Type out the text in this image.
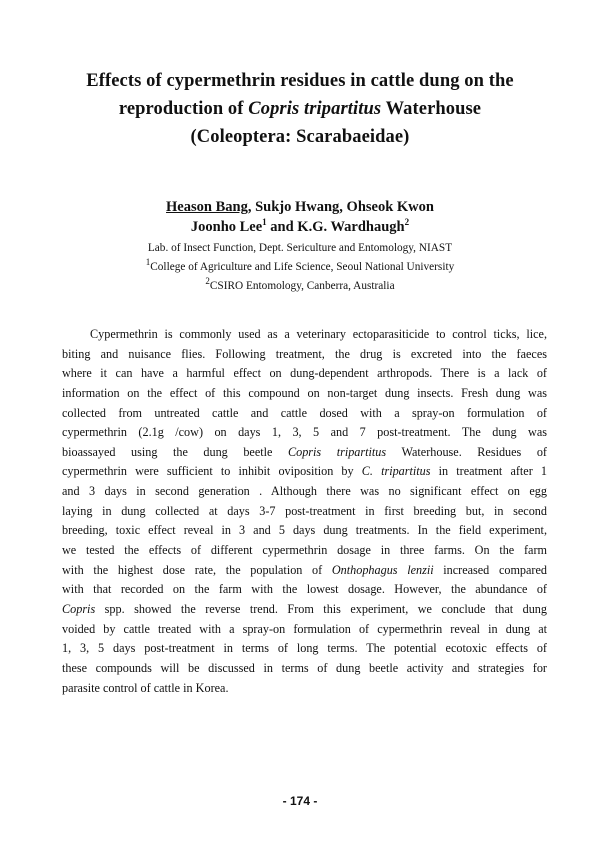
Effects of cypermethrin residues in cattle dung on the
reproduction of Copris tripartitus Waterhouse
(Coleoptera: Scarabaeidae)
Heason Bang, Sukjo Hwang, Ohseok Kwon
Joonho Lee$^1$ and K.G. Wardhaugh$^2$
Lab. of Insect Function, Dept. Sericulture and Entomology, NIAST
$^1$College of Agriculture and Life Science, Seoul National University
$^2$CSIRO Entomology, Canberra, Australia
Cypermethrin is commonly used as a veterinary ectoparasiticide to control ticks, lice,
biting and nuisance flies. Following treatment, the drug is excreted into the faeces
where it can have a harmful effect on dung-dependent arthropods. There is a lack of
information on the effect of this compound on non-target dung insects. Fresh dung was
collected from untreated cattle and cattle dosed with a spray-on formulation of
cypermethrin (2.1g /cow) on days 1, 3, 5 and 7 post-treatment. The dung was
bioassayed using the dung beetle Copris tripartitus Waterhouse. Residues of
cypermethrin were sufficient to inhibit oviposition by C. tripartitus in treatment after 1
and 3 days in second generation . Although there was no significant effect on egg
laying in dung collected at days 3-7 post-treatment in first breeding but, in second
breeding, toxic effect reveal in 3 and 5 days dung treatments. In the field experiment,
we tested the effects of different cypermethrin dosage in three farms. On the farm
with the highest dose rate, the population of Onthophagus lenzii increased compared
with that recorded on the farm with the lowest dosage. However, the abundance of
Copris spp. showed the reverse trend. From this experiment, we conclude that dung
voided by cattle treated with a spray-on formulation of cypermethrin reveal in dung at
1, 3, 5 days post-treatment in terms of long terms. The potential ecotoxic effects of
these compounds will be discussed in terms of dung beetle activity and strategies for
parasite control of cattle in Korea.
- 174 -
